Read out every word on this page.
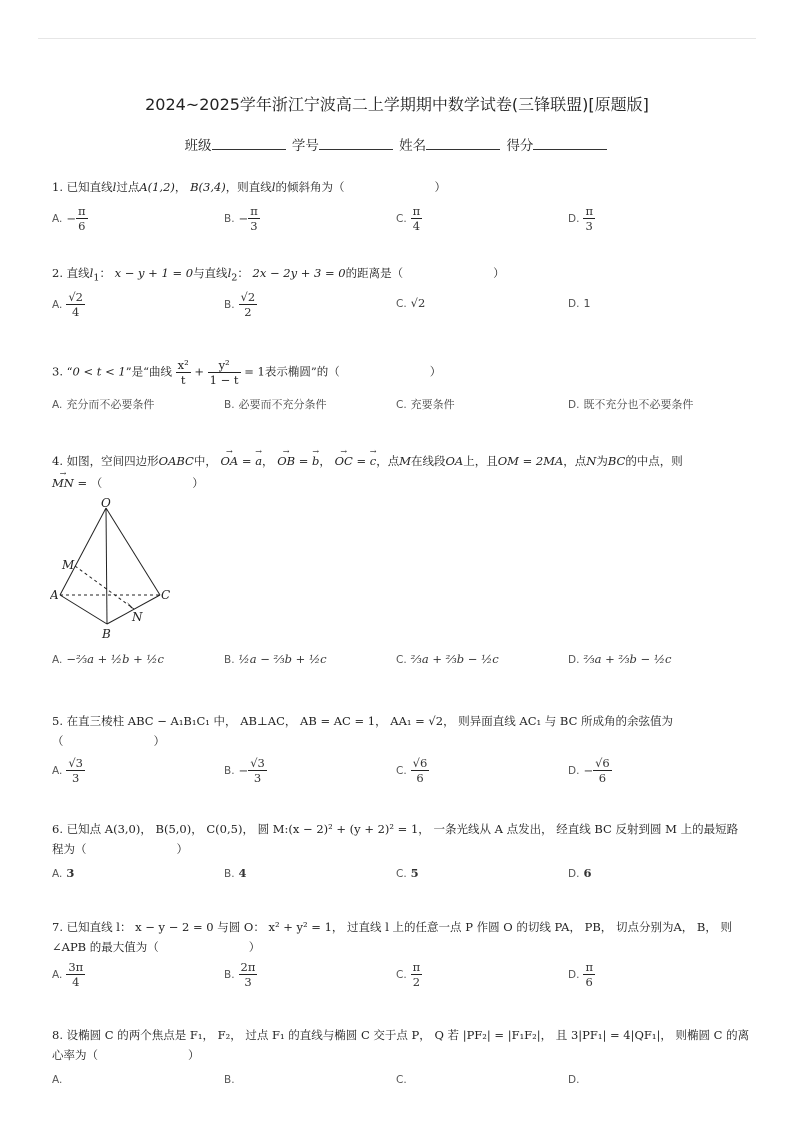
2024~2025学年浙江宁波高二上学期期中数学试卷(三锋联盟)[原题版]
班级	学号	姓名	得分
1. 已知直线l过点A(1,2)， B(3,4)，则直线l的倾斜角为（	）
A. − $\frac{\pi}{6}$	B. − $\frac{\pi}{3}$	C. $\frac{\pi}{4}$	D. $\frac{\pi}{3}$
2. 直线$l_1$： x − y + 1 = 0与直线$l_2$： 2x − 2y + 3 = 0的距离是（	）
A. $\frac{√2}{4}$	B. $\frac{√2}{2}$	C. √2	D. 1
3. “0 < t < 1”是“曲线 $\frac{\text{x²}}{t} + \frac{\text{y²}}{1 - t} = 1$表示椭圆”的（	）
A. 充分而不必要条件	B. 必要而不充分条件	C. 充要条件	D. 既不充分也不必要条件
4. 如图，空间四边形OABC中， → OA = → a， → OB = → b， → OC = → c，点M在线段OA上，且OM = 2MA，点N为BC的中点，则
→ MN = （	）
O
M
A
B
C
N
A. −⅔a + ½b + ½c	B. ½a − ⅔b + ½c	C. ⅔a + ⅔b − ½c	D. ⅔a + ⅔b − ½c
5. 在直三棱柱 ABC − A₁B₁C₁ 中， AB⊥AC， AB = AC = 1， AA₁ = √2， 则异面直线 AC₁ 与 BC 所成角的余弦值为
（	）
A. $\frac{√3}{3}$	B. − $\frac{√3}{3}$	C. $\frac{√6}{6}$	D. − $\frac{√6}{6}$
6. 已知点 A(3,0)， B(5,0)， C(0,5)， 圆 M:(x − 2)² + (y + 2)² = 1， 一条光线从 A 点发出， 经直线 BC 反射到圆 M 上的最短路
程为（	）
A. 3	B. 4	C. 5	D. 6
7. 已知直线 l： x − y − 2 = 0 与圆 O： x² + y² = 1， 过直线 l 上的任意一点 P 作圆 O 的切线 PA， PB， 切点分别为A， B， 则
∠APB 的最大值为（	）
A. $\frac{3\pi}{4}$	B. $\frac{2\pi}{3}$	C. $\frac{\pi}{2}$	D. $\frac{\pi}{6}$
8. 设椭圆 C 的两个焦点是 F₁， F₂， 过点 F₁ 的直线与椭圆 C 交于点 P， Q 若 |PF₂| = |F₁F₂|， 且 3|PF₁| = 4|QF₁|， 则椭圆 C 的离
心率为（	）
A.	B.	C.	D.
